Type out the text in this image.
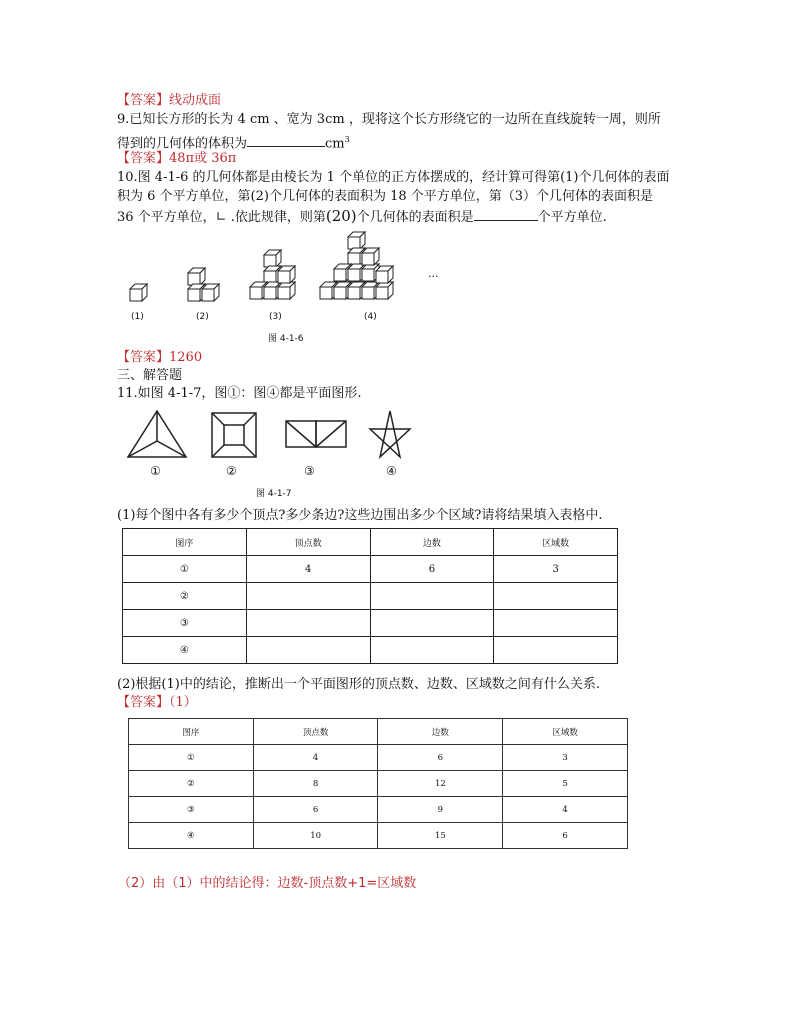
【答案】线动成面
9.已知长方形的长为 4 cm 、宽为 3cm ，现将这个长方形绕它的一边所在直线旋转一周，则所
得到的几何体的体积为	$cm^3$
【答案】48π或 36π
10.图 4-1-6 的几何体都是由棱长为 1 个单位的正方体摆成的，经计算可得第(1)个几何体的表面
积为 6 个平方单位，第(2)个几何体的表面积为 18 个平方单位，第（3）个几何体的表面积是
36 个平方单位，∟ .依此规律，则第(20)个几何体的表面积是	个平方单位.
(1)	(2)	(3)	(4)
···
图 4-1-6
【答案】1260
三、解答题
11.如图 4-1-7，图①：图④都是平面图形.
①	②	③	④
图 4-1-7
(1)每个图中各有多少个顶点?多少条边?这些边围出多少个区域?请将结果填入表格中.
图序	顶点数	边数	区域数
①	4	6	3
②			
③			
④			
(2)根据(1)中的结论，推断出一个平面图形的顶点数、边数、区域数之间有什么关系.
【答案】（1）
图序	顶点数	边数	区域数
①	4	6	3
②	8	12	5
③	6	9	4
④	10	15	6
（2）由（1）中的结论得：边数-顶点数+1=区域数
